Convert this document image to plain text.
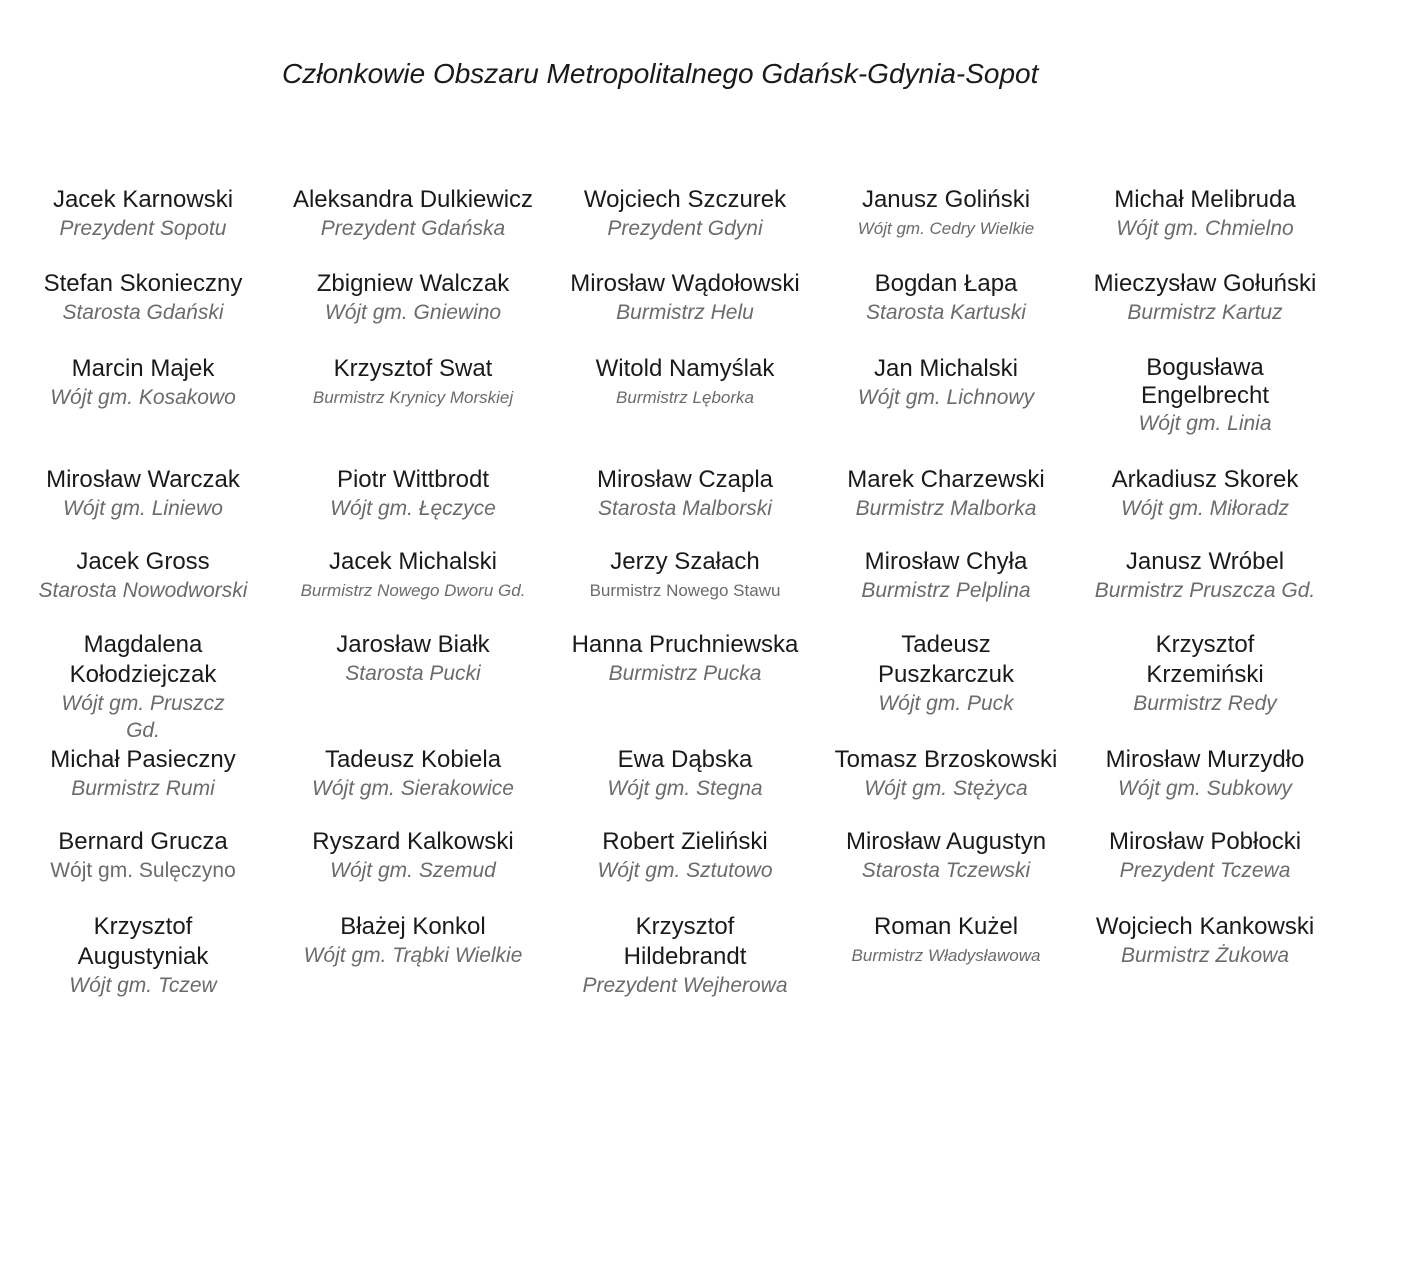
Członkowie Obszaru Metropolitalnego Gdańsk-Gdynia-Sopot
Jacek Karnowski
Prezydent Sopotu
Aleksandra Dulkiewicz
Prezydent Gdańska
Wojciech Szczurek
Prezydent Gdyni
Janusz Goliński
Wójt gm. Cedry Wielkie
Michał Melibruda
Wójt gm. Chmielno
Stefan Skonieczny
Starosta Gdański
Zbigniew Walczak
Wójt gm. Gniewino
Mirosław Wądołowski
Burmistrz Helu
Bogdan Łapa
Starosta Kartuski
Mieczysław Gołuński
Burmistrz Kartuz
Marcin Majek
Wójt gm. Kosakowo
Krzysztof Swat
Burmistrz Krynicy Morskiej
Witold Namyślak
Burmistrz Lęborka
Jan Michalski
Wójt gm. Lichnowy
Bogusława Engelbrecht
Wójt gm. Linia
Mirosław Warczak
Wójt gm. Liniewo
Piotr Wittbrodt
Wójt gm. Łęczyce
Mirosław Czapla
Starosta Malborski
Marek Charzewski
Burmistrz Malborka
Arkadiusz Skorek
Wójt gm. Miłoradz
Jacek Gross
Starosta Nowodworski
Jacek Michalski
Burmistrz Nowego Dworu Gd.
Jerzy Szałach
Burmistrz Nowego Stawu
Mirosław Chyła
Burmistrz Pelplina
Janusz Wróbel
Burmistrz Pruszcza Gd.
Magdalena Kołodziejczak
Wójt gm. Pruszcz Gd.
Jarosław Białk
Starosta Pucki
Hanna Pruchniewska
Burmistrz Pucka
Tadeusz Puszkarczuk
Wójt gm. Puck
Krzysztof Krzemiński
Burmistrz Redy
Michał Pasieczny
Burmistrz Rumi
Tadeusz Kobiela
Wójt gm. Sierakowice
Ewa Dąbska
Wójt gm. Stegna
Tomasz Brzoskowski
Wójt gm. Stężyca
Mirosław Murzydło
Wójt gm. Subkowy
Bernard Grucza
Wójt gm. Sulęczyno
Ryszard Kalkowski
Wójt gm. Szemud
Robert Zieliński
Wójt gm. Sztutowo
Mirosław Augustyn
Starosta Tczewski
Mirosław Pobłocki
Prezydent Tczewa
Krzysztof Augustyniak
Wójt gm. Tczew
Błażej Konkol
Wójt gm. Trąbki Wielkie
Krzysztof Hildebrandt
Prezydent Wejherowa
Roman Kużel
Burmistrz Władysławowa
Wojciech Kankowski
Burmistrz Żukowa
